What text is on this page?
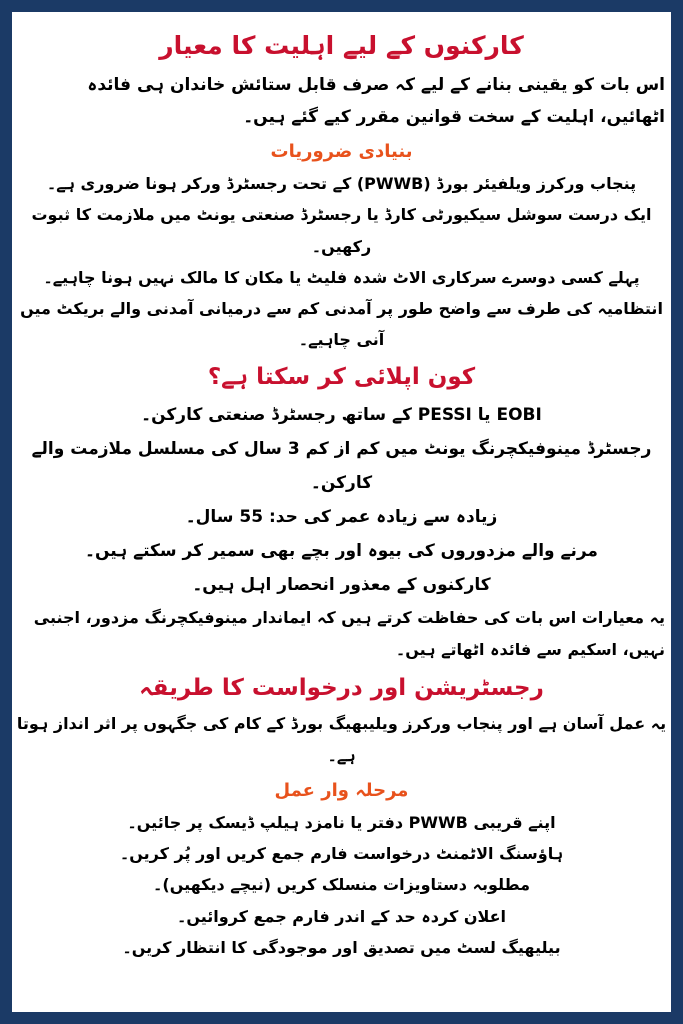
کارکنوں کے لیے اہلیت کا معیار

اس بات کو یقینی بنانے کے لیے کہ صرف قابل ستائش خاندان ہی فائدہ اٹھائیں، اہلیت کے سخت قوانین مقرر کیے گئے ہیں۔

بنیادی ضروریات
پنجاب ورکرز ویلفیئر بورڈ (PWWB) کے تحت رجسٹرڈ ورکر ہونا ضروری ہے۔
ایک درست سوشل سیکیورٹی کارڈ یا رجسٹرڈ صنعتی یونٹ میں ملازمت کا ثبوت رکھیں۔
پہلے کسی دوسرے سرکاری الاٹ شدہ فلیٹ یا مکان کا مالک نہیں ہونا چاہیے۔
انتظامیہ کی طرف سے واضح طور پر آمدنی کم سے درمیانی آمدنی والے بریکٹ میں آنی چاہیے۔
کون اپلائی کر سکتا ہے؟
EOBI یا PESSI کے ساتھ رجسٹرڈ صنعتی کارکن۔
رجسٹرڈ مینوفیکچرنگ یونٹ میں کم از کم 3 سال کی مسلسل ملازمت والے کارکن۔
زیادہ سے زیادہ عمر کی حد: 55 سال۔
مرنے والے مزدوروں کی بیوہ اور بچے بھی سمیر کر سکتے ہیں۔
کارکنوں کے معذور انحصار اہل ہیں۔

یہ معیارات اس بات کی حفاظت کرتے ہیں کہ ایماندار مینوفیکچرنگ مزدور، اجنبی نہیں، اسکیم سے فائدہ اٹھاتے ہیں۔

رجسٹریشن اور درخواست کا طریقہ

یہ عمل آسان ہے اور پنجاب ورکرز ویلیبھیگ بورڈ کے کام کی جگہوں پر اثر انداز ہوتا ہے۔

مرحلہ وار عمل
اپنے قریبی PWWB دفتر یا نامزد ہیلپ ڈیسک پر جائیں۔
ہاؤسنگ الاٹمنٹ درخواست فارم جمع کریں اور پُر کریں۔
مطلوبہ دستاویزات منسلک کریں (نیچے دیکھیں)۔
اعلان کردہ حد کے اندر فارم جمع کروائیں۔
بیلیھیگ لسٹ میں تصدیق اور موجودگی کا انتظار کریں۔
